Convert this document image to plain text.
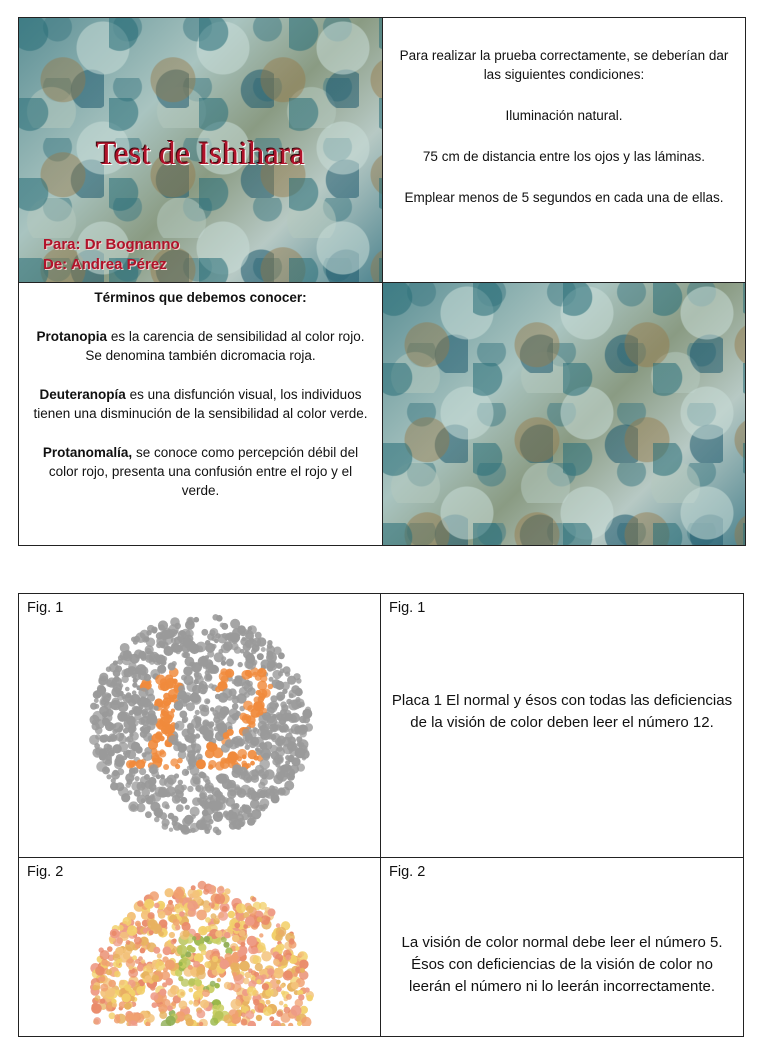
Test de Ishihara
Para: Dr Bognanno
De: Andrea Pérez

Para realizar la prueba correctamente, se deberían dar las siguientes condiciones:

Iluminación natural.

75 cm de distancia entre los ojos y las láminas.

Emplear menos de 5 segundos en cada una de ellas.

Términos que debemos conocer:

Protanopia es la carencia de sensibilidad al color rojo. Se denomina también dicromacia roja.

Deuteranopía es una disfunción visual, los individuos tienen una disminución de la sensibilidad al color verde.

Protanomalía, se conoce como percepción débil del color rojo, presenta una confusión entre el rojo y el verde.

Fig. 1	Fig. 1
Placa 1 El normal y ésos con todas las deficiencias de la visión de color deben leer el número 12.
Fig. 2	Fig. 2
La visión de color normal debe leer el número 5. Ésos con deficiencias de la visión de color no leerán el número ni lo leerán incorrectamente.
